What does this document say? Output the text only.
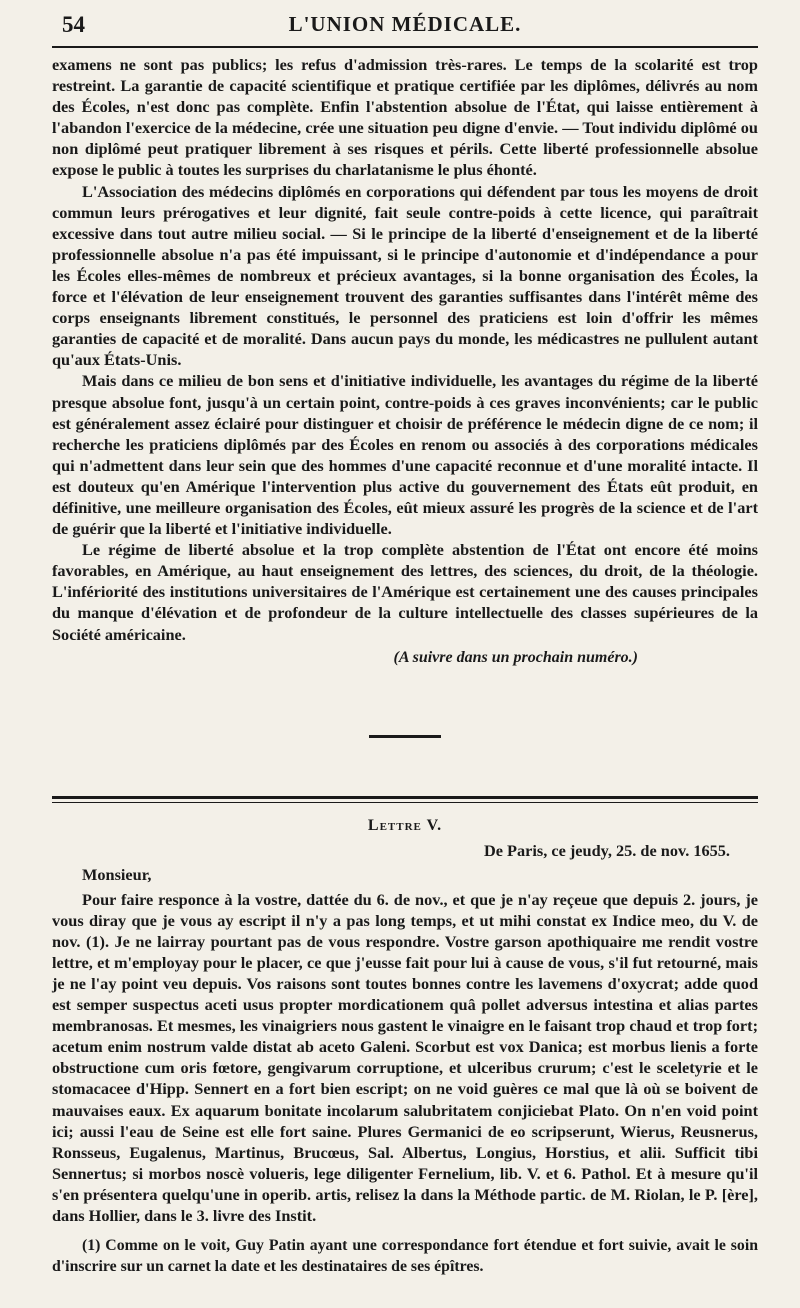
54	L'UNION MÉDICALE.

examens ne sont pas publics; les refus d'admission très-rares. Le temps de la scolarité est trop restreint. La garantie de capacité scientifique et pratique certifiée par les diplômes, délivrés au nom des Écoles, n'est donc pas complète. Enfin l'abstention absolue de l'État, qui laisse entièrement à l'abandon l'exercice de la médecine, crée une situation peu digne d'envie. — Tout individu diplômé ou non diplômé peut pratiquer librement à ses risques et périls. Cette liberté professionnelle absolue expose le public à toutes les surprises du charlatanisme le plus éhonté.

L'Association des médecins diplômés en corporations qui défendent par tous les moyens de droit commun leurs prérogatives et leur dignité, fait seule contre-poids à cette licence, qui paraîtrait excessive dans tout autre milieu social. — Si le principe de la liberté d'enseignement et de la liberté professionnelle absolue n'a pas été impuissant, si le principe d'autonomie et d'indépendance a pour les Écoles elles-mêmes de nombreux et précieux avantages, si la bonne organisation des Écoles, la force et l'élévation de leur enseignement trouvent des garanties suffisantes dans l'intérêt même des corps enseignants librement constitués, le personnel des praticiens est loin d'offrir les mêmes garanties de capacité et de moralité. Dans aucun pays du monde, les médicastres ne pullulent autant qu'aux États-Unis.

Mais dans ce milieu de bon sens et d'initiative individuelle, les avantages du régime de la liberté presque absolue font, jusqu'à un certain point, contre-poids à ces graves inconvénients; car le public est généralement assez éclairé pour distinguer et choisir de préférence le médecin digne de ce nom; il recherche les praticiens diplômés par des Écoles en renom ou associés à des corporations médicales qui n'admettent dans leur sein que des hommes d'une capacité reconnue et d'une moralité intacte. Il est douteux qu'en Amérique l'intervention plus active du gouvernement des États eût produit, en définitive, une meilleure organisation des Écoles, eût mieux assuré les progrès de la science et de l'art de guérir que la liberté et l'initiative individuelle.

Le régime de liberté absolue et la trop complète abstention de l'État ont encore été moins favorables, en Amérique, au haut enseignement des lettres, des sciences, du droit, de la théologie. L'infériorité des institutions universitaires de l'Amérique est certainement une des causes principales du manque d'élévation et de profondeur de la culture intellectuelle des classes supérieures de la Société américaine.

(A suivre dans un prochain numéro.)
Lettre V.
De Paris, ce jeudy, 25. de nov. 1655.
Monsieur,

Pour faire responce à la vostre, dattée du 6. de nov., et que je n'ay reçeue que depuis 2. jours, je vous diray que je vous ay escript il n'y a pas long temps, et ut mihi constat ex Indice meo, du V. de nov. (1). Je ne lairray pourtant pas de vous respondre. Vostre garson apothiquaire me rendit vostre lettre, et m'employay pour le placer, ce que j'eusse fait pour lui à cause de vous, s'il fut retourné, mais je ne l'ay point veu depuis. Vos raisons sont toutes bonnes contre les lavemens d'oxycrat; adde quod est semper suspectus aceti usus propter mordicationem quâ pollet adversus intestina et alias partes membranosas. Et mesmes, les vinaigriers nous gastent le vinaigre en le faisant trop chaud et trop fort; acetum enim nostrum valde distat ab aceto Galeni. Scorbut est vox Danica; est morbus lienis a forte obstructione cum oris fœtore, gengivarum corruptione, et ulceribus crurum; c'est le sceletyrie et le stomacacee d'Hipp. Sennert en a fort bien escript; on ne void guères ce mal que là où se boivent de mauvaises eaux. Ex aquarum bonitate incolarum salubritatem conjiciebat Plato. On n'en void point ici; aussi l'eau de Seine est elle fort saine. Plures Germanici de eo scripserunt, Wierus, Reusnerus, Ronsseus, Eugalenus, Martinus, Brucœus, Sal. Albertus, Longius, Horstius, et alii. Sufficit tibi Sennertus; si morbos noscè volueris, lege diligenter Fernelium, lib. V. et 6. Pathol. Et à mesure qu'il s'en présentera quelqu'une in operib. artis, relisez la dans la Méthode partic. de M. Riolan, le P. [ère], dans Hollier, dans le 3. livre des Instit.

(1) Comme on le voit, Guy Patin ayant une correspondance fort étendue et fort suivie, avait le soin d'inscrire sur un carnet la date et les destinataires de ses épîtres.
